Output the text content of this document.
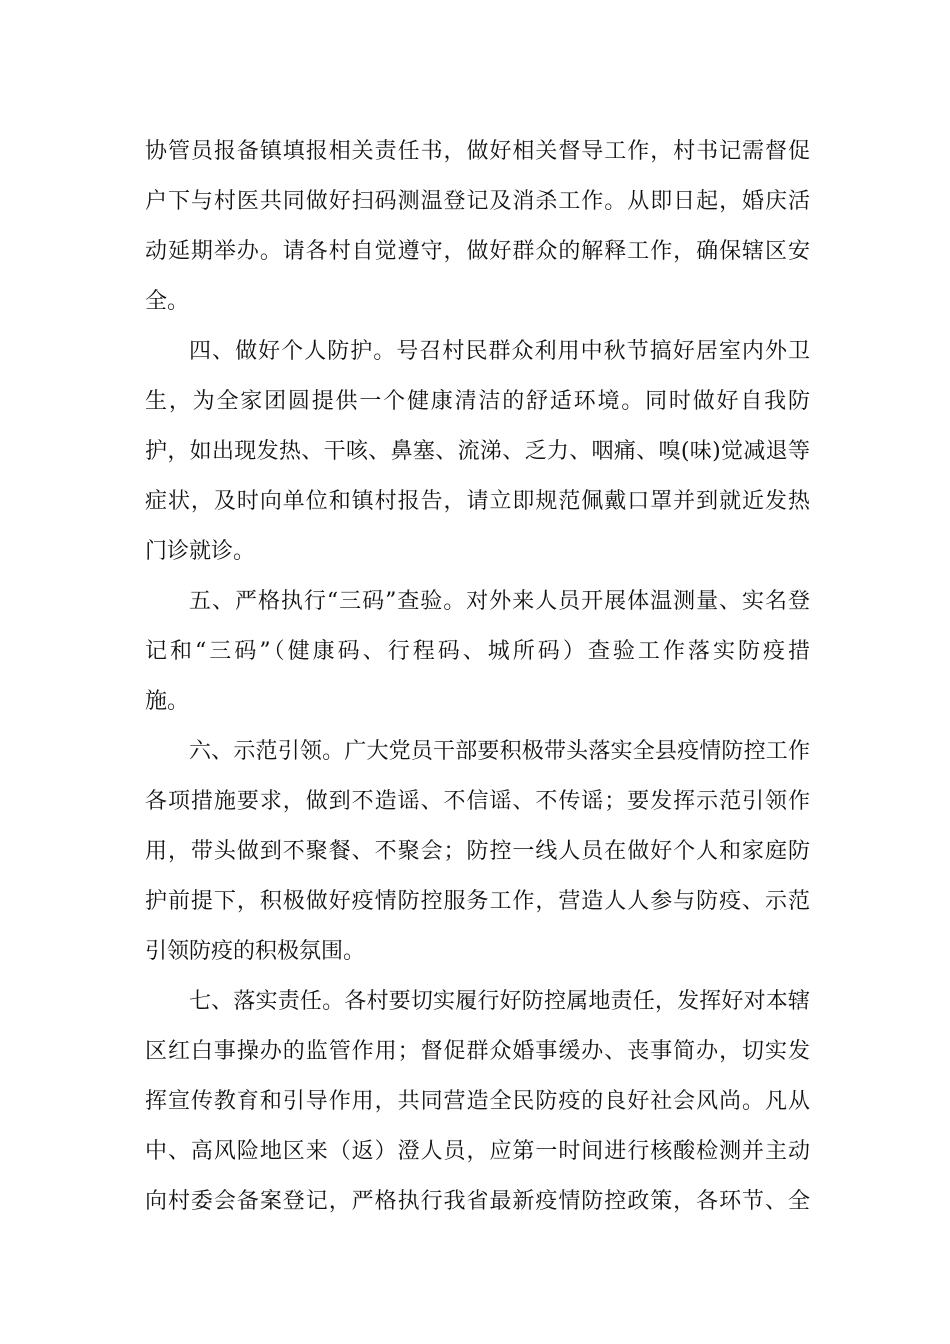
协管员报备镇填报相关责任书，做好相关督导工作，村书记需督促
户下与村医共同做好扫码测温登记及消杀工作。从即日起，婚庆活
动延期举办。请各村自觉遵守，做好群众的解释工作，确保辖区安
全。
四、做好个人防护。号召村民群众利用中秋节搞好居室内外卫
生，为全家团圆提供一个健康清洁的舒适环境。同时做好自我防
护，如出现发热、干咳、鼻塞、流涕、乏力、咽痛、嗅(味)觉减退等
症状，及时向单位和镇村报告，请立即规范佩戴口罩并到就近发热
门诊就诊。
五、严格执行“三码”查验。对外来人员开展体温测量、实名登
记和“三码”（健康码、行程码、城所码）查验工作落实防疫措
施。
六、示范引领。广大党员干部要积极带头落实全县疫情防控工作
各项措施要求，做到不造谣、不信谣、不传谣；要发挥示范引领作
用，带头做到不聚餐、不聚会；防控一线人员在做好个人和家庭防
护前提下，积极做好疫情防控服务工作，营造人人参与防疫、示范
引领防疫的积极氛围。
七、落实责任。各村要切实履行好防控属地责任，发挥好对本辖
区红白事操办的监管作用；督促群众婚事缓办、丧事简办，切实发
挥宣传教育和引导作用，共同营造全民防疫的良好社会风尚。凡从
中、高风险地区来（返）澄人员，应第一时间进行核酸检测并主动
向村委会备案登记，严格执行我省最新疫情防控政策，各环节、全
